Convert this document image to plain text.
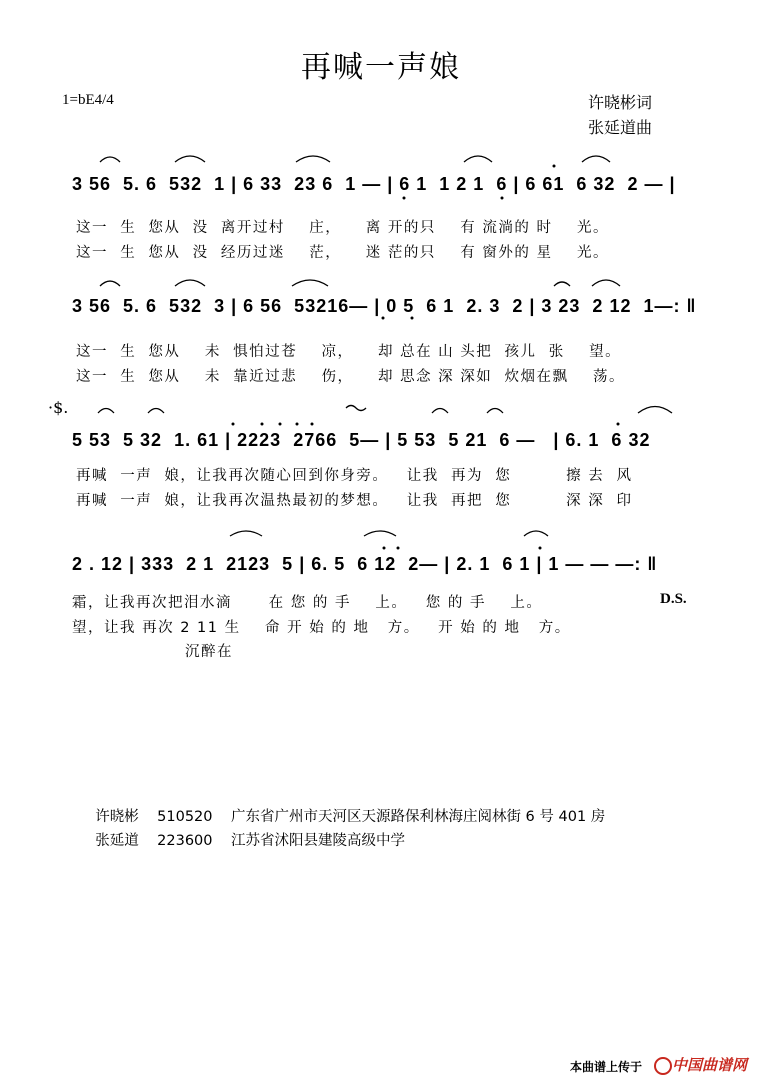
再喊一声娘
1=bE4/4	许晓彬词
张延道曲
3 56  5. 6  532  1 | 6 33  23 6  1 — | 6 1  1 2 1  6 | 6 61  6 32  2 — |
这一  生  您从  没  离开过村    庄，    离 开的只    有 流淌的 时    光。
这一  生  您从  没  经历过迷    茫，    迷 茫的只    有 窗外的 星    光。
3 56  5. 6  532  3 | 6 56  53216— | 0 5  6 1  2. 3  2 | 3 23  2 12  1—: ‖
这一  生  您从    未  惧怕过苍    凉，    却 总在 山 头把  孩儿  张    望。
这一  生  您从    未  靠近过悲    伤，    却 思念 深 深如  炊烟在飘    荡。
·$.
5 53  5 32  1. 61 | 2223  2766  5— | 5 53  5 21  6 —   | 6. 1  6 32
再喊  一声  娘，让我再次随心回到你身旁。   让我  再为  您         擦 去  风
再喊  一声  娘，让我再次温热最初的梦想。   让我  再把  您         深 深  印
2 . 12 | 333  2 1  2123  5 | 6. 5  6 12  2— | 2. 1  6 1 | 1 — — —: ‖
霜，让我再次把泪水滴      在 您 的 手    上。   您 的 手    上。
望，让我 再次 2 11 生    命 开 始 的 地   方。   开 始 的 地   方。
D.S.
沉醉在

许晓彬 510520 广东省广州市天河区天源路保利林海庄阅林街 6 号 401 房

张延道 223600 江苏省沭阳县建陵高级中学

本曲谱上传于 中国曲谱网
